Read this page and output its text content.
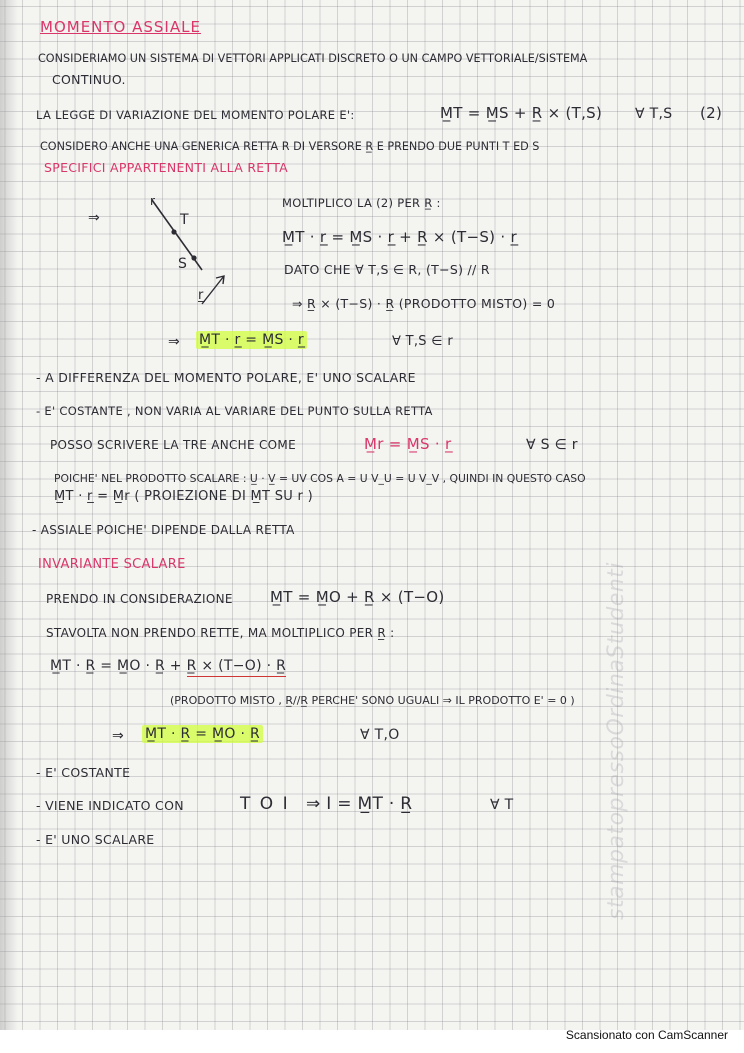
MOMENTO ASSIALE
CONSIDERIAMO UN SISTEMA DI VETTORI APPLICATI DISCRETO O UN CAMPO VETTORIALE/SISTEMA
CONTINUO.
LA LEGGE DI VARIAZIONE DEL MOMENTO POLARE E':	M̲T = M̲S + R̲ × (T,S) ∀ T,S (2)
CONSIDERO ANCHE UNA GENERICA RETTA R DI VERSORE R̲ E PRENDO DUE PUNTI T ED S
SPECIFICI APPARTENENTI ALLA RETTA
⇒
r
T
S
r̲
MOLTIPLICO LA (2) PER R̲ :
M̲T · r̲ = M̲S · r̲ + R̲ × (T−S) · r̲
DATO CHE ∀ T,S ∈ R, (T−S) // R
⇒ R̲ × (T−S) · R̲ (PRODOTTO MISTO) = 0
⇒ M̲T · r̲ = M̲S · r̲	∀ T,S ∈ r
- A DIFFERENZA DEL MOMENTO POLARE, E' UNO SCALARE
- E' COSTANTE , NON VARIA AL VARIARE DEL PUNTO SULLA RETTA
POSSO SCRIVERE LA TRE ANCHE COME	M̲r = M̲S · r̲	∀ S ∈ r
POICHE' NEL PRODOTTO SCALARE : U̲ · V̲ = UV COS Α = U V_U = U V_V , QUINDI IN QUESTO CASO
M̲T · r̲ = M̲r ( PROIEZIONE DI M̲T SU r )
- ASSIALE POICHE' DIPENDE DALLA RETTA
INVARIANTE SCALARE
PRENDO IN CONSIDERAZIONE M̲T = M̲O + R̲ × (T−O)
STAVOLTA NON PRENDO RETTE, MA MOLTIPLICO PER R̲ :
M̲T · R̲ = M̲O · R̲ + R̲ × (T−O) · R̲
(PRODOTTO MISTO , R̲//R̲ PERCHE' SONO UGUALI ⇒ IL PRODOTTO E' = 0 )
⇒ M̲T · R̲ = M̲O · R̲	∀ T,O
- E' COSTANTE
- VIENE INDICATO CON	T O I ⇒ I = M̲T · R̲	∀ T
- E' UNO SCALARE	stampatopressoOrdinaStudenti
Scansionato con CamScanner
